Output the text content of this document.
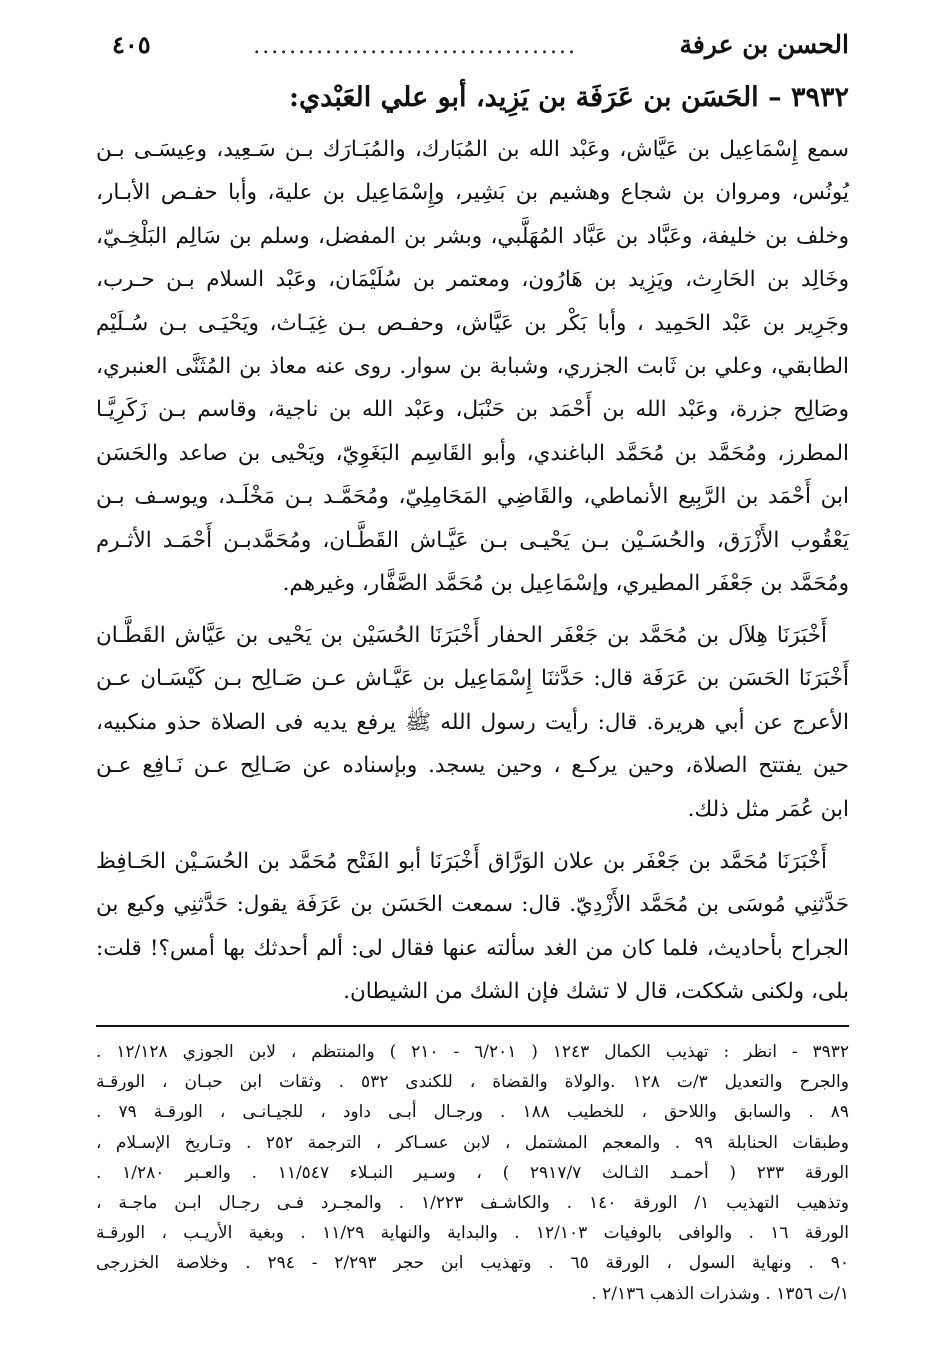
الحسن بن عرفة
....................................
٤٠٥
٣٩٣٢ – الحَسَن بن عَرَفَة بن يَزِيد، أبو علي العَبْدي:
سمع إِسْمَاعِيل بن عَيَّاش، وعَبْد الله بن المُبَارك، والمُبَـارَك بـن سَـعِيد، وعِيسَـى بـن
يُونُس، ومروان بن شجاع وهشيم بن بَشِير، وإِسْمَاعِيل بن علية، وأبا حفـص الأبـار،
وخلف بن خليفة، وعَبَّاد بن عَبَّاد المُهَلَّبي، وبشر بن المفضل، وسلم بن سَالِم البَلْخِـيّ،
وخَالِد بن الحَارِث، ويَزِيد بن هَارُون، ومعتمر بن سُلَيْمَان، وعَبْد السلام بـن حـرب،
وجَرِير بن عَبْد الحَمِيد ، وأبا بَكْر بن عَيَّاش، وحفـص بـن غِيَـاث، ويَحْيَـى بـن سُـلَيْم
الطابقي، وعلي بن ثَابت الجزري، وشبابة بن سوار. روى عنه معاذ بن المُثَنَّى العنبري،
وصَالِح جزرة، وعَبْد الله بن أَحْمَد بن حَنْبَل، وعَبْد الله بن ناجية، وقاسم بـن زَكَرِيَّـا
المطرز، ومُحَمَّد بن مُحَمَّد الباغندي، وأبو القَاسِم البَغَوِيّ، ويَحْيى بن صاعد والحَسَن
ابن أَحْمَد بن الرَّبِيع الأنماطي، والقَاضِي المَحَامِلِيّ، ومُحَمَّـد بـن مَخْلَـد، ويوسـف بـن
يَعْقُوب الأَزْرَق، والحُسَـيْن بـن يَحْيـى بـن عَيَّـاش القَطَّـان، ومُحَمَّدبـن أَحْمَـد الأثـرم
ومُحَمَّد بن جَعْفَر المطيري، وإسْمَاعِيل بن مُحَمَّد الصَّفَّار، وغيرهم.
أَخْبَرَنَا هِلاَل بن مُحَمَّد بن جَعْفَر الحفار أَخْبَرَنَا الحُسَيْن بن يَحْيى بن عَيَّاش القَطَّـان
أَخْبَرَنَا الحَسَن بن عَرَفَة قال: حَدَّثنَا إِسْمَاعِيل بن عَيَّـاش عـن صَـالِح بـن كَيْسَـان عـن
الأعرج عن أبي هريرة. قال: رأيت رسول الله ﷺ يرفع يديه فى الصلاة حذو منكبيه،
حين يفتتح الصلاة، وحين يركـع ، وحين يسجد. وبإسناده عن صَـالِح عـن نَـافِع عـن
ابن عُمَر مثل ذلك.
أَخْبَرَنَا مُحَمَّد بن جَعْفَر بن علان الوَرَّاق أَخْبَرَنَا أبو الفَتْح مُحَمَّد بن الحُسَـيْن الحَـافِظ
حَدَّثنِي مُوسَى بن مُحَمَّد الأَزْدِيّ. قال: سمعت الحَسَن بن عَرَفَة يقول: حَدَّثنِي وكيع بن
الجراح بأحاديث، فلما كان من الغد سألته عنها فقال لى: ألم أحدثك بها أمس؟! قلت:
بلى، ولكنى شككت، قال لا تشك فإن الشك من الشيطان.
٣٩٣٢ - انظر : تهذيب الكمال ١٢٤٣ ( ٦/٢٠١ - ٢١٠ ) والمنتظم ، لابن الجوزي ١٢/١٢٨ .
والجرح والتعديل ٣/ت ١٢٨ .والولاة والقضاة ، للكندى ٥٣٢ . وثقات ابن حبـان ، الورقـة
٨٩ . والسابق واللاحق ، للخطيب ١٨٨ . ورجـال أبـى داود ، للجيـانـى ، الورقـة ٧٩ .
وطبقات الحنابلة ٩٩ . والمعجم المشتمل ، لابن عسـاكر ، الترجمة ٢٥٢ . وتـاريخ الإسـلام ،
الورقة ٢٣٣ ( أحمـد الثـالث ٢٩١٧/٧ ) ، وسـير النبـلاء ١١/٥٤٧ . والعـبر ١/٢٨٠ .
وتذهيب التهذيب ١/ الورقة ١٤٠ . والكاشـف ١/٢٢٣ . والمجـرد فـى رجـال ابـن ماجـة ،
الورقة ١٦ . والوافى بالوفيات ١٢/١٠٣ . والبداية والنهاية ١١/٢٩ . وبغية الأريـب ، الورقـة
٩٠ . ونهاية السول ، الورقة ٦٥ . وتهذيب ابن حجر ٢/٢٩٣ - ٢٩٤ . وخلاصة الخزرجى
١/ت ١٣٥٦ . وشذرات الذهب ٢/١٣٦ .
